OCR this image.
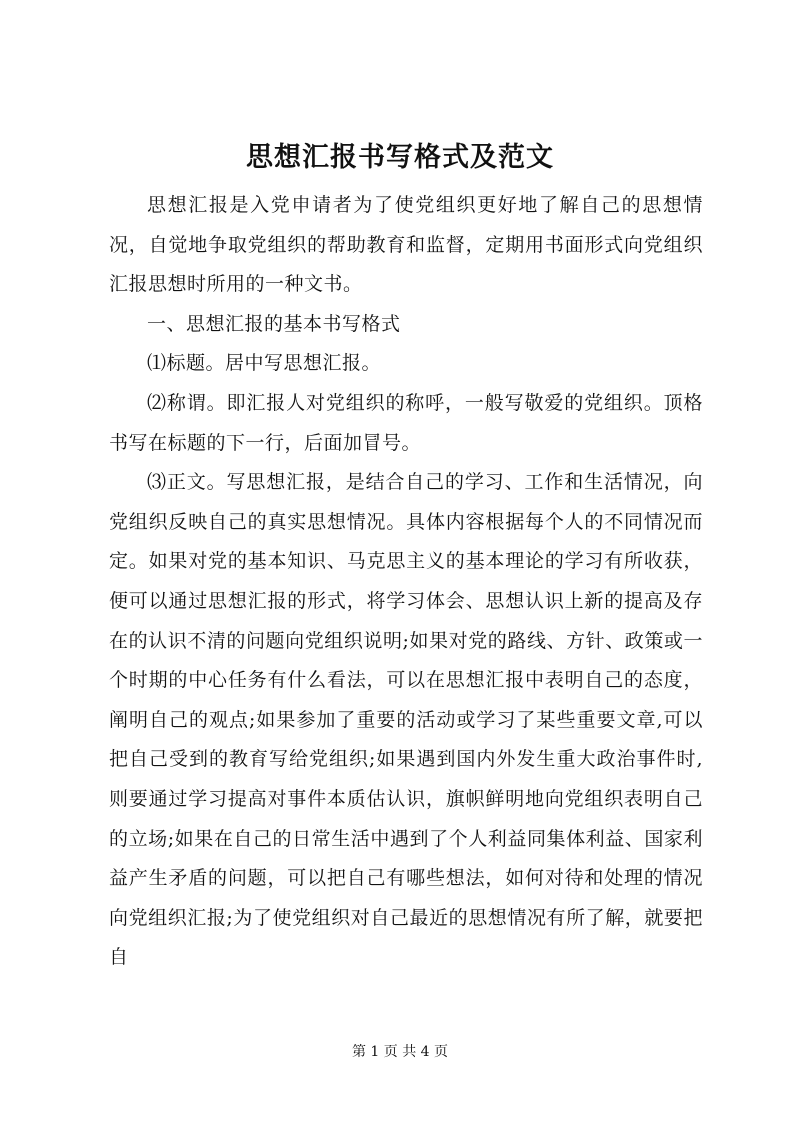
思想汇报书写格式及范文

思想汇报是入党申请者为了使党组织更好地了解自己的思想情况，自觉地争取党组织的帮助教育和监督，定期用书面形式向党组织汇报思想时所用的一种文书。

一、思想汇报的基本书写格式

⑴标题。居中写思想汇报。

⑵称谓。即汇报人对党组织的称呼，一般写敬爱的党组织。顶格书写在标题的下一行，后面加冒号。

⑶正文。写思想汇报，是结合自己的学习、工作和生活情况，向党组织反映自己的真实思想情况。具体内容根据每个人的不同情况而定。如果对党的基本知识、马克思主义的基本理论的学习有所收获，便可以通过思想汇报的形式，将学习体会、思想认识上新的提高及存在的认识不清的问题向党组织说明;如果对党的路线、方针、政策或一个时期的中心任务有什么看法，可以在思想汇报中表明自己的态度，阐明自己的观点;如果参加了重要的活动或学习了某些重要文章,可以把自己受到的教育写给党组织;如果遇到国内外发生重大政治事件时,则要通过学习提高对事件本质估认识，旗帜鲜明地向党组织表明自己的立场;如果在自己的日常生活中遇到了个人利益同集体利益、国家利益产生矛盾的问题，可以把自己有哪些想法，如何对待和处理的情况向党组织汇报;为了使党组织对自己最近的思想情况有所了解，就要把自

第 1 页 共 4 页
